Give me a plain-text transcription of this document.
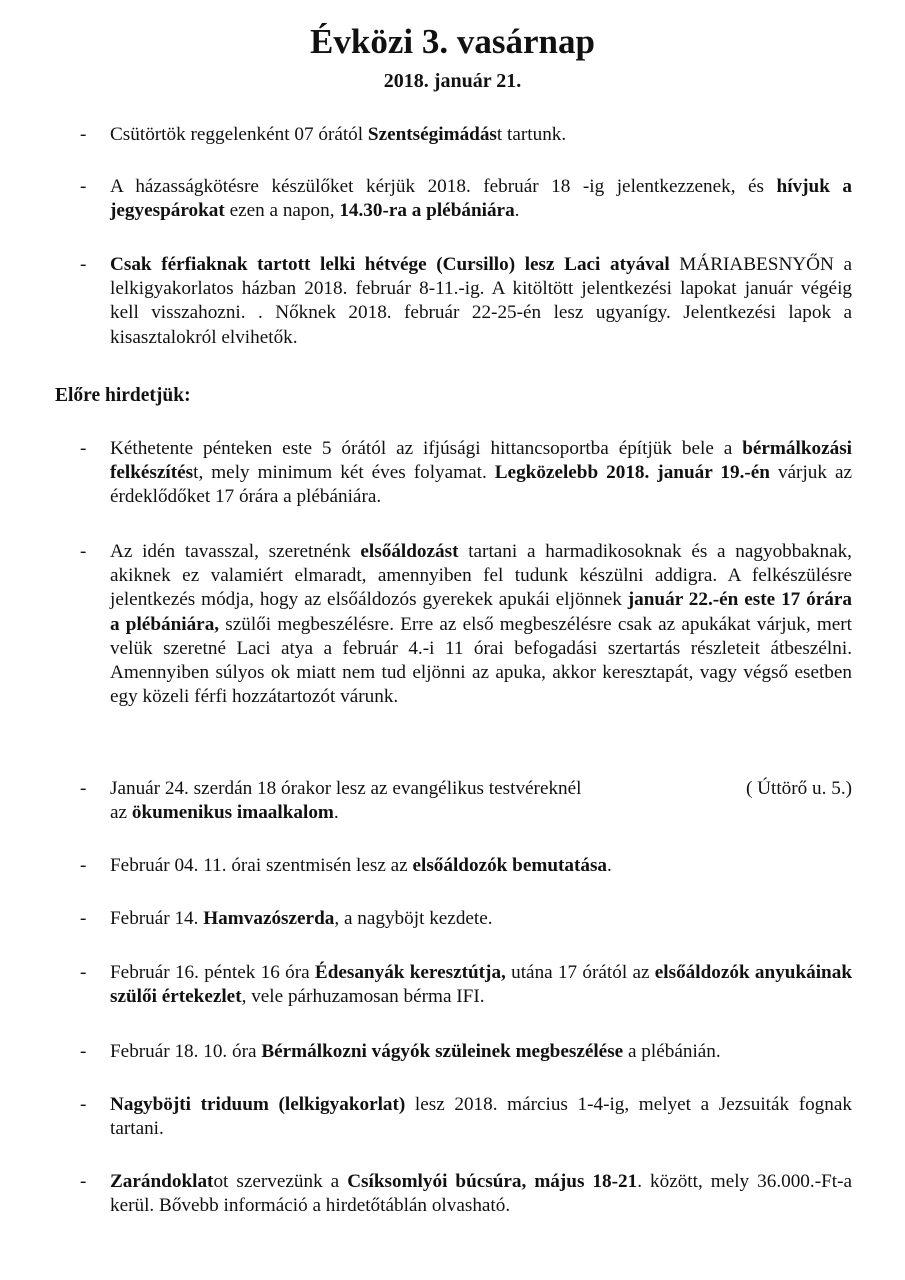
Évközi 3. vasárnap
2018. január 21.
-	Csütörtök reggelenként 07 órától Szentségimádást tartunk.
-	A házasságkötésre készülőket kérjük 2018. február 18 -ig jelentkezzenek, és hívjuk a jegyespárokat ezen a napon, 14.30-ra a plébániára.
-	Csak férfiaknak tartott lelki hétvége (Cursillo) lesz Laci atyával MÁRIABESNYŐN a lelkigyakorlatos házban 2018. február 8-11.-ig. A kitöltött jelentkezési lapokat január végéig kell visszahozni. . Nőknek 2018. február 22-25-én lesz ugyanígy. Jelentkezési lapok a kisasztalokról elvihetők.
Előre hirdetjük:
-	Kéthetente pénteken este 5 órától az ifjúsági hittancsoportba építjük bele a bérmálkozási felkészítést, mely minimum két éves folyamat. Legközelebb 2018. január 19.-én várjuk az érdeklődőket 17 órára a plébániára.
-	Az idén tavasszal, szeretnénk elsőáldozást tartani a harmadikosoknak és a nagyobbaknak, akiknek ez valamiért elmaradt, amennyiben fel tudunk készülni addigra. A felkészülésre jelentkezés módja, hogy az elsőáldozós gyerekek apukái eljönnek január 22.-én este 17 órára a plébániára, szülői megbeszélésre. Erre az első megbeszélésre csak az apukákat várjuk, mert velük szeretné Laci atya a február 4.-i 11 órai befogadási szertartás részleteit átbeszélni. Amennyiben súlyos ok miatt nem tud eljönni az apuka, akkor keresztapát, vagy végső esetben egy közeli férfi hozzátartozót várunk.
-	( Úttörő u. 5.)
Január 24. szerdán 18 órakor lesz az evangélikus testvéreknél
az ökumenikus imaalkalom.
-	Február 04. 11. órai szentmisén lesz az elsőáldozók bemutatása.
-	Február 14. Hamvazószerda, a nagyböjt kezdete.
-	Február 16. péntek 16 óra Édesanyák keresztútja, utána 17 órától az elsőáldozók anyukáinak szülői értekezlet, vele párhuzamosan bérma IFI.
-	Február 18. 10. óra Bérmálkozni vágyók szüleinek megbeszélése a plébánián.
-	Nagyböjti triduum (lelkigyakorlat) lesz 2018. március 1-4-ig, melyet a Jezsuiták fognak tartani.
-	Zarándoklatot szervezünk a Csíksomlyói búcsúra, május 18-21. között, mely 36.000.-Ft-a kerül. Bővebb információ a hirdetőtáblán olvasható.
